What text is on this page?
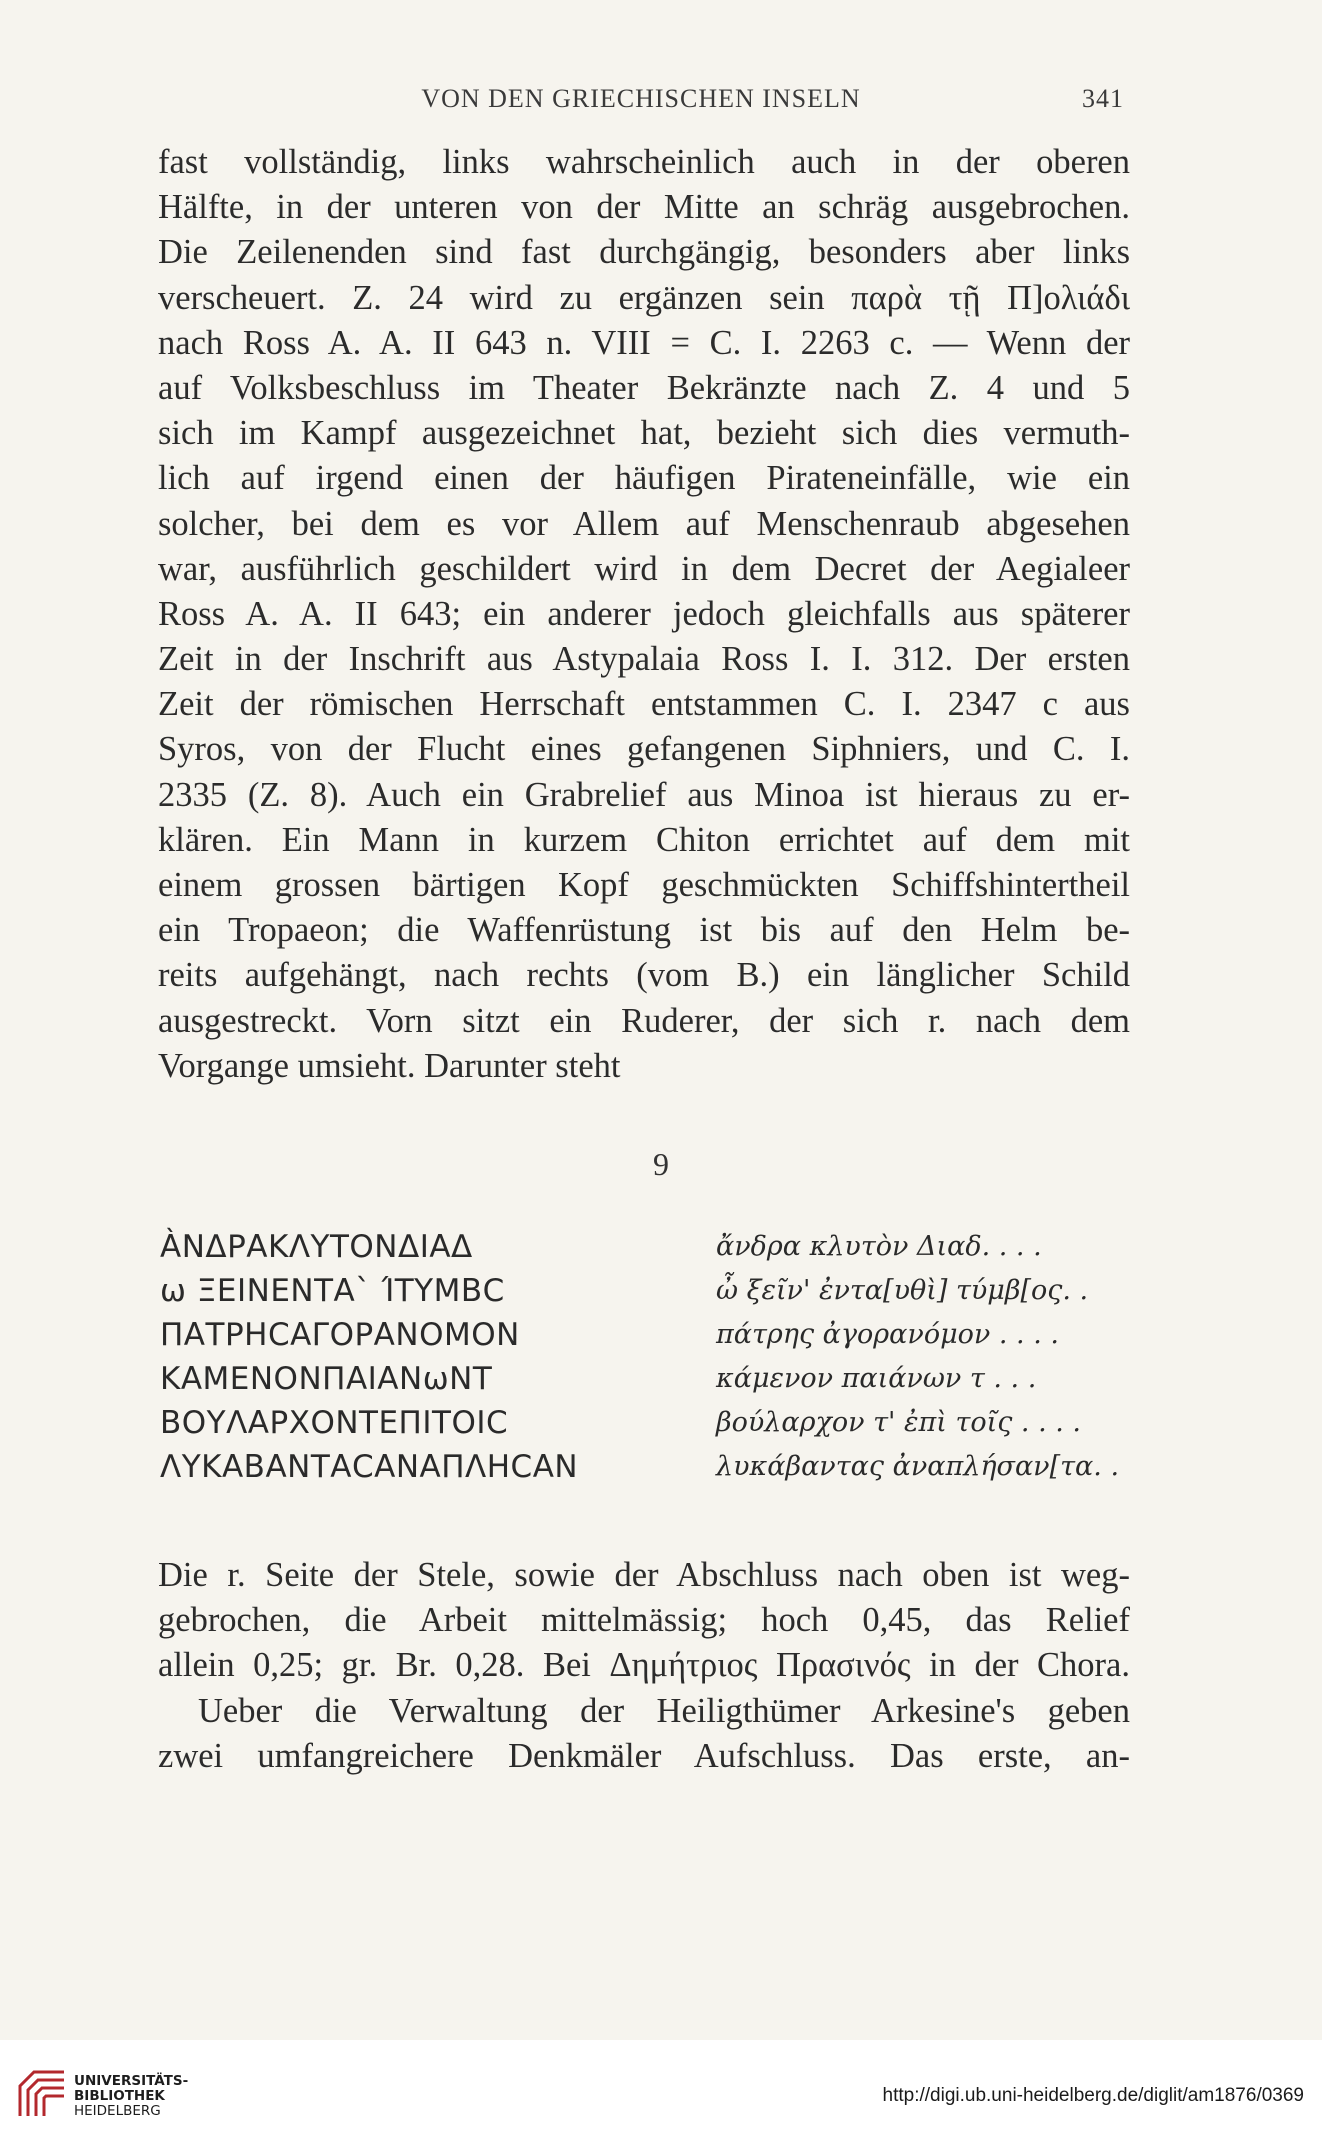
VON DEN GRIECHISCHEN INSELN	341
fast vollständig, links wahrscheinlich auch in der oberen
Hälfte, in der unteren von der Mitte an schräg ausgebrochen.
Die Zeilenenden sind fast durchgängig, besonders aber links
verscheuert. Z. 24 wird zu ergänzen sein παρὰ τῇ Π]ολιάδι
nach Ross A. A. II 643 n. VIII = C. I. 2263 c. — Wenn der
auf Volksbeschluss im Theater Bekränzte nach Z. 4 und 5
sich im Kampf ausgezeichnet hat, bezieht sich dies vermuth-
lich auf irgend einen der häufigen Pirateneinfälle, wie ein
solcher, bei dem es vor Allem auf Menschenraub abgesehen
war, ausführlich geschildert wird in dem Decret der Aegialeer
Ross A. A. II 643; ein anderer jedoch gleichfalls aus späterer
Zeit in der Inschrift aus Astypalaia Ross I. I. 312. Der ersten
Zeit der römischen Herrschaft entstammen C. I. 2347 c aus
Syros, von der Flucht eines gefangenen Siphniers, und C. I.
2335 (Z. 8). Auch ein Grabrelief aus Minoa ist hieraus zu er-
klären. Ein Mann in kurzem Chiton errichtet auf dem mit
einem grossen bärtigen Kopf geschmückten Schiffshintertheil
ein Tropaeon; die Waffenrüstung ist bis auf den Helm be-
reits aufgehängt, nach rechts (vom B.) ein länglicher Schild
ausgestreckt. Vorn sitzt ein Ruderer, der sich r. nach dem
Vorgange umsieht. Darunter steht
9
ÀΝΔΡΑΚΛΥΤΟΝΔΙΑΔ
ω ΞΕΙΝΕΝΤΑ` ΊΤΥΜΒϹ
ΠΑΤΡΗϹΑΓΟΡΑΝΟΜΟΝ
ΚΑΜΕΝΟΝΠΑΙΑΝωΝΤ
ΒΟΥΛΑΡΧΟΝΤΕΠΙΤΟΙϹ
ΛΥΚΑΒΑΝΤΑϹΑΝΑΠΛΗϹΑΝ
ἄνδρα κλυτὸν Διαδ. . . .
ὦ ξεῖν' ἐντα[υθὶ] τύμβ[ος. .
πάτρης ἀγορανόμον . . . .
κάμενον παιάνων τ . . .
βούλαρχον τ' ἐπὶ τοῖς . . . .
λυκάβαντας ἀναπλήσαν[τα. .
Die r. Seite der Stele, sowie der Abschluss nach oben ist weg-
gebrochen, die Arbeit mittelmässig; hoch 0,45, das Relief
allein 0,25; gr. Br. 0,28. Bei Δημήτριος Πρασινός in der Chora.
Ueber die Verwaltung der Heiligthümer Arkesine's geben
zwei umfangreichere Denkmäler Aufschluss. Das erste, an-
UNIVERSITÄTS-
BIBLIOTHEK
HEIDELBERG
http://digi.ub.uni-heidelberg.de/diglit/am1876/0369
